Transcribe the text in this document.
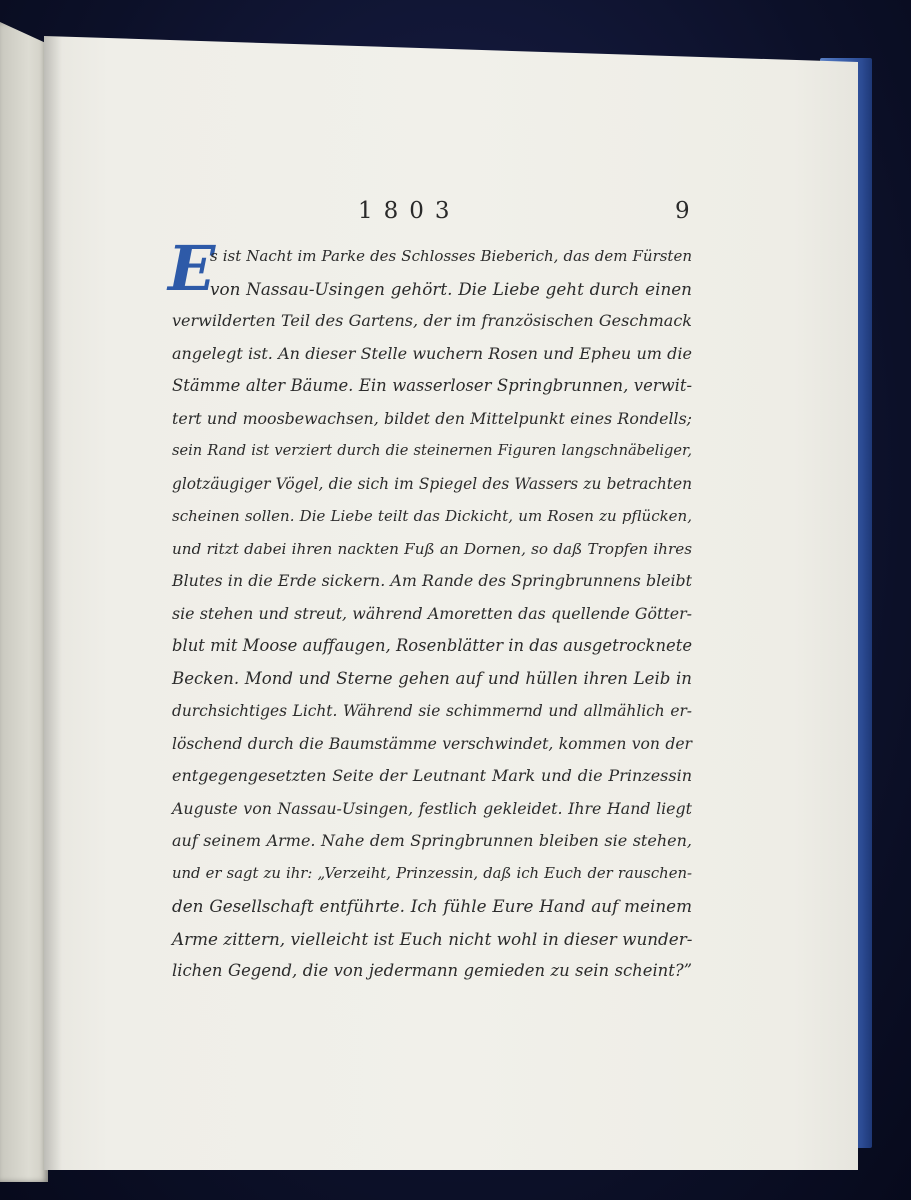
1803	9
E
s ist Nacht im Parke des Schlosses Bieberich, das dem Fürsten
von Nassau-Usingen gehört. Die Liebe geht durch einen
verwilderten Teil des Gartens, der im französischen Geschmack
angelegt ist. An dieser Stelle wuchern Rosen und Epheu um die
Stämme alter Bäume. Ein wasserloser Springbrunnen, verwit-
tert und moosbewachsen, bildet den Mittelpunkt eines Rondells;
sein Rand ist verziert durch die steinernen Figuren langschnäbeliger,
glotzäugiger Vögel, die sich im Spiegel des Wassers zu betrachten
scheinen sollen. Die Liebe teilt das Dickicht, um Rosen zu pflücken,
und ritzt dabei ihren nackten Fuß an Dornen, so daß Tropfen ihres
Blutes in die Erde sickern. Am Rande des Springbrunnens bleibt
sie stehen und streut, während Amoretten das quellende Götter-
blut mit Moose auffaugen, Rosenblätter in das ausgetrocknete
Becken. Mond und Sterne gehen auf und hüllen ihren Leib in
durchsichtiges Licht. Während sie schimmernd und allmählich er-
löschend durch die Baumstämme verschwindet, kommen von der
entgegengesetzten Seite der Leutnant Mark und die Prinzessin
Auguste von Nassau-Usingen, festlich gekleidet. Ihre Hand liegt
auf seinem Arme. Nahe dem Springbrunnen bleiben sie stehen,
und er sagt zu ihr: „Verzeiht, Prinzessin, daß ich Euch der rauschen-
den Gesellschaft entführte. Ich fühle Eure Hand auf meinem
Arme zittern, vielleicht ist Euch nicht wohl in dieser wunder-
lichen Gegend, die von jedermann gemieden zu sein scheint?”
